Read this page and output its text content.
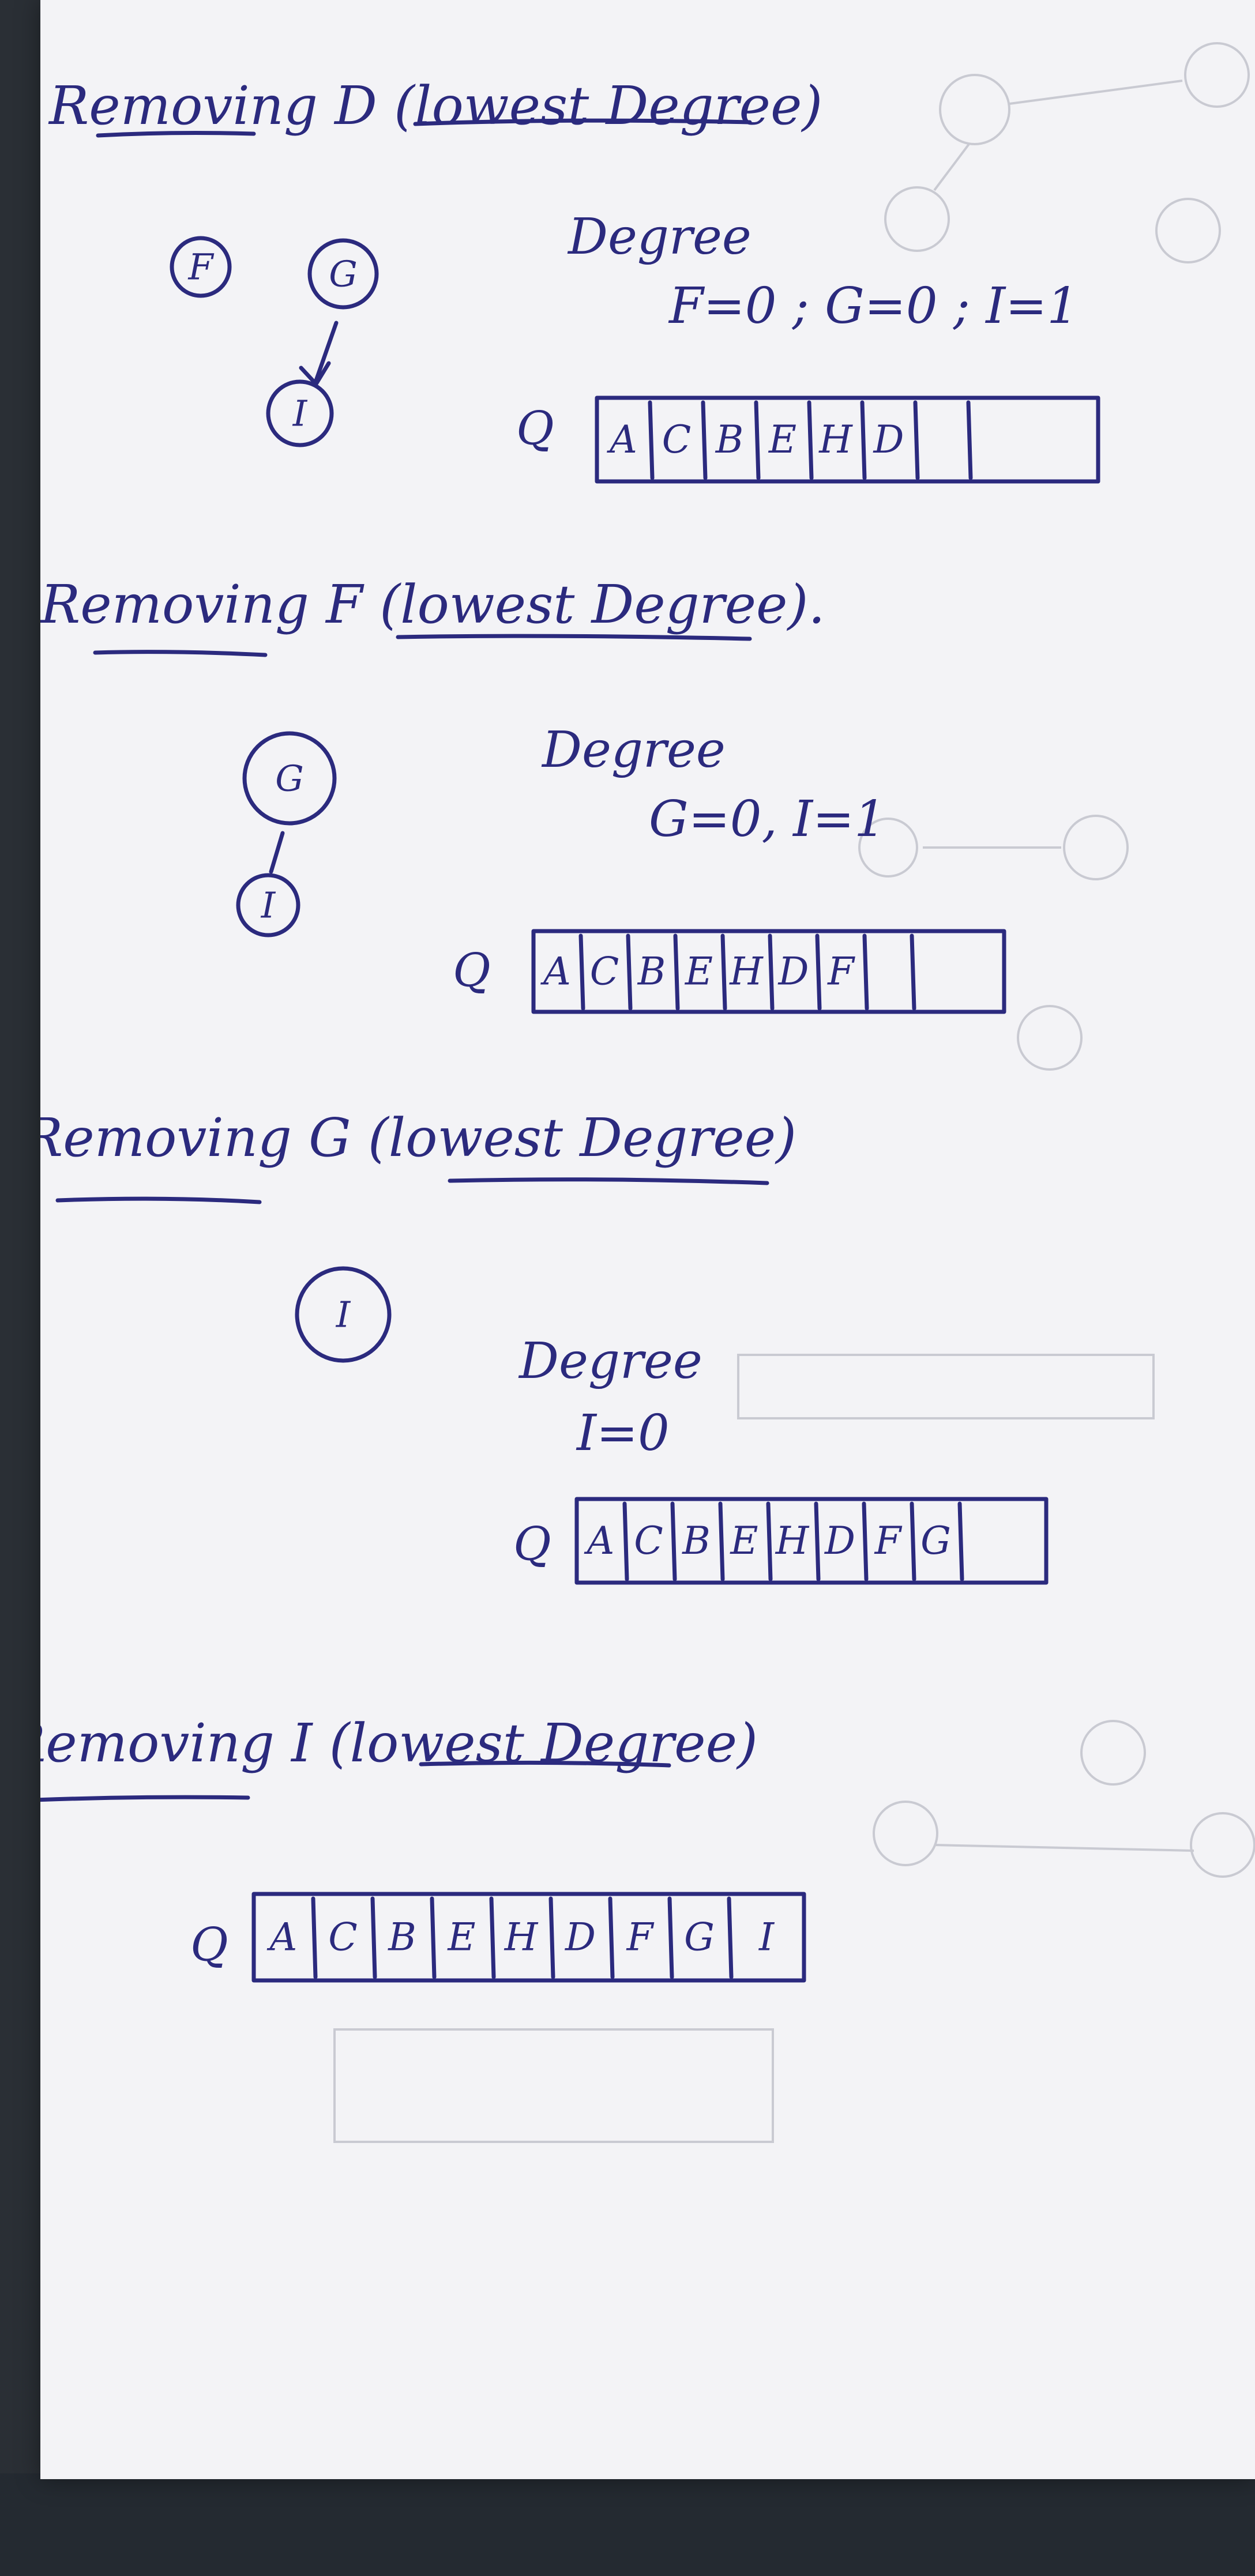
Removing D (lowest Degree)
F	G
I
Degree
F=0 ; G=0 ; I=1
Q A C B E H D
Removing F (lowest Degree).
G
I
Degree
G=0, I=1
Q A C B E H D F
Removing G (lowest Degree)
I
Degree
I=0
Q A C B E H D F G
Removing I (lowest Degree)
Q A C B E H D F G I
